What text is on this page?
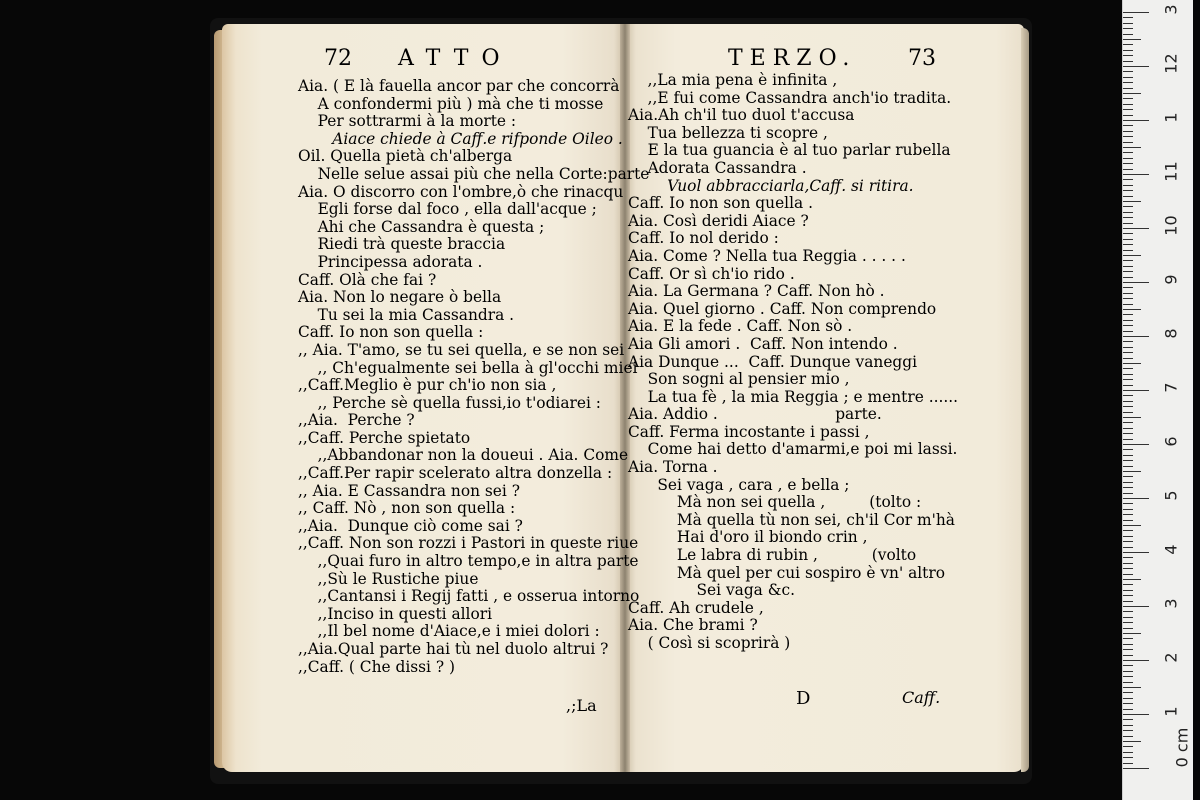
72 ATTO	TERZO. 73
Aia. ( E là fauella ancor par che concorrà
A confondermi più ) mà che ti mosse
Per sottrarmi à la morte :
Aiace chiede à Caff.e rifponde Oileo .
Oil. Quella pietà ch'alberga
Nelle selue assai più che nella Corte:parte
Aia. O discorro con l'ombre,ò che rinacqu
Egli forse dal foco , ella dall'acque ;
Ahi che Cassandra è questa ;
Riedi trà queste braccia
Principessa adorata .
Caff. Olà che fai ?
Aia. Non lo negare ò bella
Tu sei la mia Cassandra .
Caff. Io non son quella :
,, Aia. T'amo, se tu sei quella, e se non sei
,, Ch'egualmente sei bella à gl'occhi miei
,,Caff.Meglio è pur ch'io non sia ,
,, Perche sè quella fussi,io t'odiarei :
,,Aia.  Perche ?
,,Caff. Perche spietato
,,Abbandonar non la doueui . Aia. Come
,,Caff.Per rapir scelerato altra donzella :
,, Aia. E Cassandra non sei ?
,, Caff. Nò , non son quella :
,,Aia.  Dunque ciò come sai ?
,,Caff. Non son rozzi i Pastori in queste riue
,,Quai furo in altro tempo,e in altra parte
,,Sù le Rustiche piue
,,Cantansi i Regij fatti , e osserua intorno
,,Inciso in questi allori
,,Il bel nome d'Aiace,e i miei dolori :
,,Aia.Qual parte hai tù nel duolo altrui ?
,,Caff. ( Che dissi ? )
,,La mia pena è infinita ,
,,E fui come Cassandra anch'io tradita.
Aia.Ah ch'il tuo duol t'accusa
Tua bellezza ti scopre ,
E la tua guancia è al tuo parlar rubella
Adorata Cassandra .
Vuol abbracciarla,Caff. si ritira.
Caff. Io non son quella .
Aia. Così deridi Aiace ?
Caff. Io nol derido :
Aia. Come ? Nella tua Reggia . . . . .
Caff. Or sì ch'io rido .
Aia. La Germana ? Caff. Non hò .
Aia. Quel giorno . Caff. Non comprendo
Aia. E la fede . Caff. Non sò .
Aia Gli amori .  Caff. Non intendo .
Aia Dunque ...  Caff. Dunque vaneggi
Son sogni al pensier mio ,
La tua fè , la mia Reggia ; e mentre ......
Aia. Addio .                        parte.
Caff. Ferma incostante i passi ,
Come hai detto d'amarmi,e poi mi lassi.
Aia. Torna .
Sei vaga , cara , e bella ;
Mà non sei quella ,         (tolto :
Mà quella tù non sei, ch'il Cor m'hà
Hai d'oro il biondo crin ,
Le labra di rubin ,           (volto
Mà quel per cui sospiro è vn' altro
Sei vaga &c.
Caff. Ah crudele ,
Aia. Che brami ?
( Così si scoprirà )
,;La	D	Caff.
3
12
1
11
10
9
8
7
6
5
4
3
2
1
0 cm
